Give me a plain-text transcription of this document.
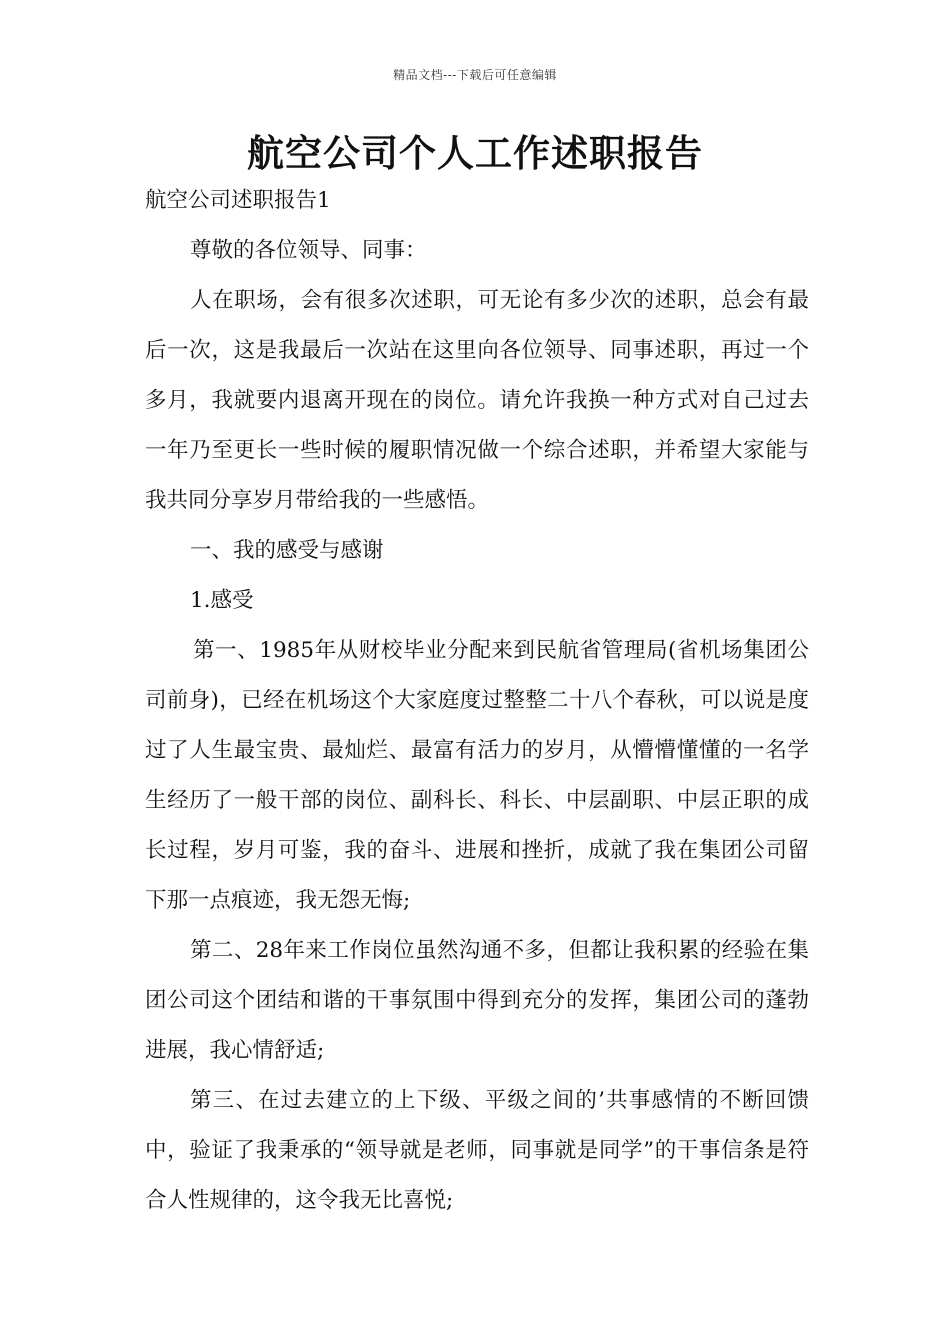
精品文档---下载后可任意编辑
航空公司个人工作述职报告
航空公司述职报告1

尊敬的各位领导、同事：

人在职场，会有很多次述职，可无论有多少次的述职，总会有最后一次，这是我最后一次站在这里向各位领导、同事述职，再过一个多月，我就要内退离开现在的岗位。请允许我换一种方式对自己过去一年乃至更长一些时候的履职情况做一个综合述职，并希望大家能与我共同分享岁月带给我的一些感悟。

一、我的感受与感谢

1.感受

第一、1985年从财校毕业分配来到民航省管理局(省机场集团公司前身)，已经在机场这个大家庭度过整整二十八个春秋，可以说是度过了人生最宝贵、最灿烂、最富有活力的岁月，从懵懵懂懂的一名学生经历了一般干部的岗位、副科长、科长、中层副职、中层正职的成长过程，岁月可鉴，我的奋斗、进展和挫折，成就了我在集团公司留下那一点痕迹，我无怨无悔;

第二、28年来工作岗位虽然沟通不多，但都让我积累的经验在集团公司这个团结和谐的干事氛围中得到充分的发挥，集团公司的蓬勃进展，我心情舒适;

第三、在过去建立的上下级、平级之间的’共事感情的不断回馈中，验证了我秉承的“领导就是老师，同事就是同学”的干事信条是符合人性规律的，这令我无比喜悦;
